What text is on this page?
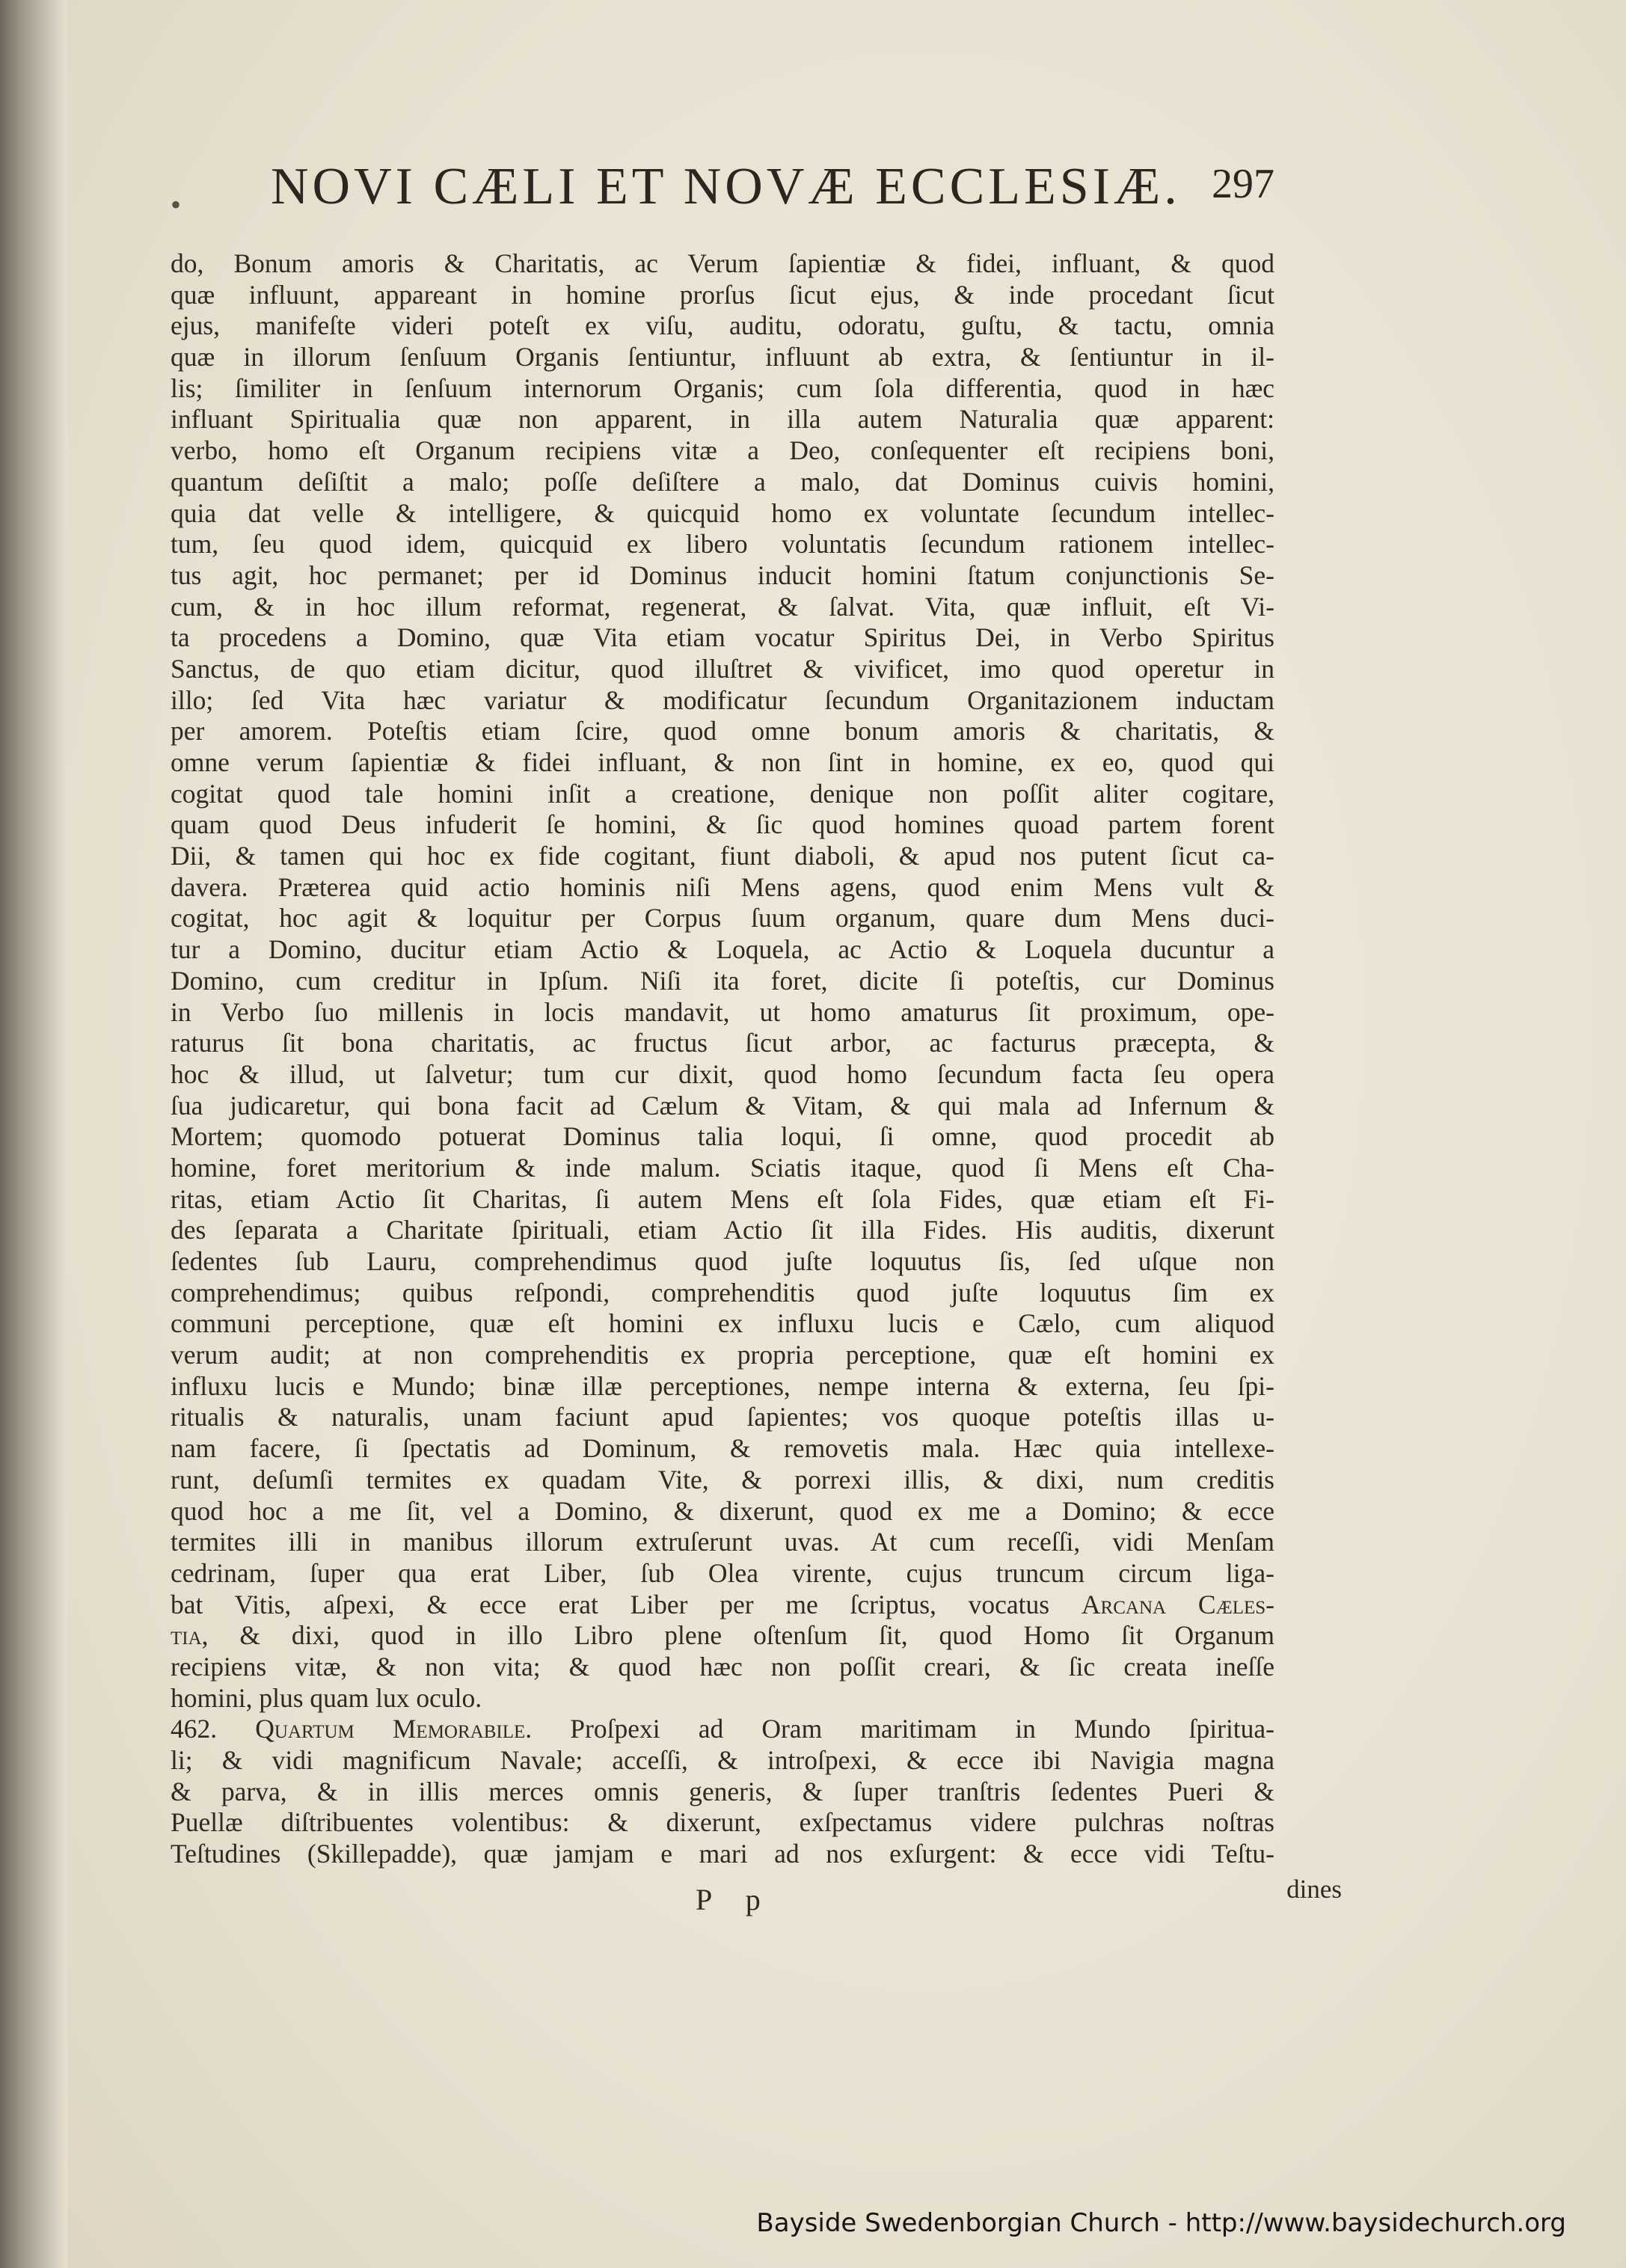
• NOVI CÆLI ET NOVÆ ECCLESIÆ. 297
do, Bonum amoris & Charitatis, ac Verum ſapientiæ & fidei, influant, & quod
quæ influunt, appareant in homine prorſus ſicut ejus, & inde procedant ſicut
ejus, manifeſte videri poteſt ex viſu, auditu, odoratu, guſtu, & tactu, omnia
quæ in illorum ſenſuum Organis ſentiuntur, influunt ab extra, & ſentiuntur in il-
lis; ſimiliter in ſenſuum internorum Organis; cum ſola differentia, quod in hæc
influant Spiritualia quæ non apparent, in illa autem Naturalia quæ apparent:
verbo, homo eſt Organum recipiens vitæ a Deo, conſequenter eſt recipiens boni,
quantum deſiſtit a malo; poſſe deſiſtere a malo, dat Dominus cuivis homini,
quia dat velle & intelligere, & quicquid homo ex voluntate ſecundum intellec-
tum, ſeu quod idem, quicquid ex libero voluntatis ſecundum rationem intellec-
tus agit, hoc permanet; per id Dominus inducit homini ſtatum conjunctionis Se-
cum, & in hoc illum reformat, regenerat, & ſalvat. Vita, quæ influit, eſt Vi-
ta procedens a Domino, quæ Vita etiam vocatur Spiritus Dei, in Verbo Spiritus
Sanctus, de quo etiam dicitur, quod illuſtret & vivificet, imo quod operetur in
illo; ſed Vita hæc variatur & modificatur ſecundum Organitazionem inductam
per amorem. Poteſtis etiam ſcire, quod omne bonum amoris & charitatis, &
omne verum ſapientiæ & fidei influant, & non ſint in homine, ex eo, quod qui
cogitat quod tale homini inſit a creatione, denique non poſſit aliter cogitare,
quam quod Deus infuderit ſe homini, & ſic quod homines quoad partem forent
Dii, & tamen qui hoc ex fide cogitant, fiunt diaboli, & apud nos putent ſicut ca-
davera. Præterea quid actio hominis niſi Mens agens, quod enim Mens vult &
cogitat, hoc agit & loquitur per Corpus ſuum organum, quare dum Mens duci-
tur a Domino, ducitur etiam Actio & Loquela, ac Actio & Loquela ducuntur a
Domino, cum creditur in Ipſum. Niſi ita foret, dicite ſi poteſtis, cur Dominus
in Verbo ſuo millenis in locis mandavit, ut homo amaturus ſit proximum, ope-
raturus ſit bona charitatis, ac fructus ſicut arbor, ac facturus præcepta, &
hoc & illud, ut ſalvetur; tum cur dixit, quod homo ſecundum facta ſeu opera
ſua judicaretur, qui bona facit ad Cælum & Vitam, & qui mala ad Infernum &
Mortem; quomodo potuerat Dominus talia loqui, ſi omne, quod procedit ab
homine, foret meritorium & inde malum. Sciatis itaque, quod ſi Mens eſt Cha-
ritas, etiam Actio ſit Charitas, ſi autem Mens eſt ſola Fides, quæ etiam eſt Fi-
des ſeparata a Charitate ſpirituali, etiam Actio ſit illa Fides. His auditis, dixerunt
ſedentes ſub Lauru, comprehendimus quod juſte loquutus ſis, ſed uſque non
comprehendimus; quibus reſpondi, comprehenditis quod juſte loquutus ſim ex
communi perceptione, quæ eſt homini ex influxu lucis e Cælo, cum aliquod
verum audit; at non comprehenditis ex propria perceptione, quæ eſt homini ex
influxu lucis e Mundo; binæ illæ perceptiones, nempe interna & externa, ſeu ſpi-
ritualis & naturalis, unam faciunt apud ſapientes; vos quoque poteſtis illas u-
nam facere, ſi ſpectatis ad Dominum, & removetis mala. Hæc quia intellexe-
runt, deſumſi termites ex quadam Vite, & porrexi illis, & dixi, num creditis
quod hoc a me ſit, vel a Domino, & dixerunt, quod ex me a Domino; & ecce
termites illi in manibus illorum extruſerunt uvas. At cum receſſi, vidi Menſam
cedrinam, ſuper qua erat Liber, ſub Olea virente, cujus truncum circum liga-
bat Vitis, aſpexi, & ecce erat Liber per me ſcriptus, vocatus Arcana Cæles-
tia, & dixi, quod in illo Libro plene oſtenſum ſit, quod Homo ſit Organum
recipiens vitæ, & non vita; & quod hæc non poſſit creari, & ſic creata ineſſe
homini, plus quam lux oculo.
462. Quartum Memorabile. Proſpexi ad Oram maritimam in Mundo ſpiritua-
li; & vidi magnificum Navale; acceſſi, & introſpexi, & ecce ibi Navigia magna
& parva, & in illis merces omnis generis, & ſuper tranſtris ſedentes Pueri &
Puellæ diſtribuentes volentibus: & dixerunt, exſpectamus videre pulchras noſtras
Teſtudines (Skillepadde), quæ jamjam e mari ad nos exſurgent: & ecce vidi Teſtu-
P p	dines
Bayside Swedenborgian Church - http://www.baysidechurch.org
